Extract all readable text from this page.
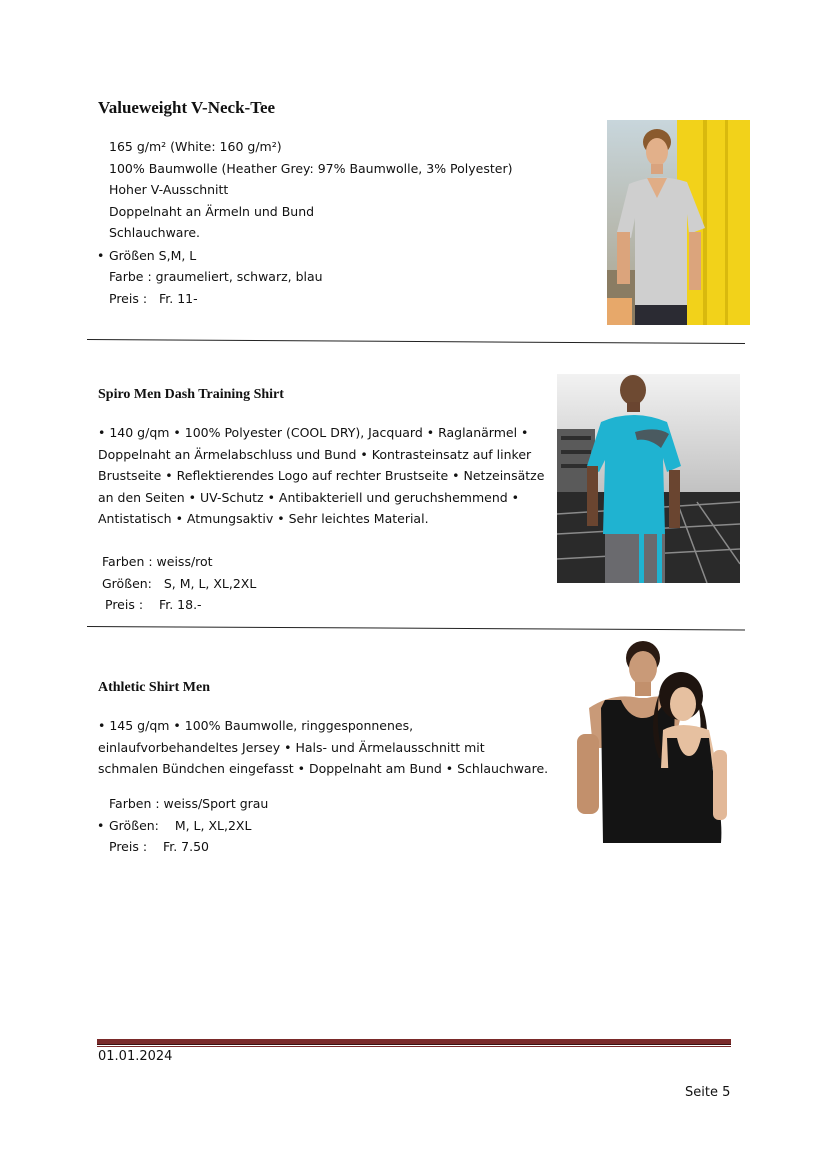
Valueweight V-Neck-Tee
165 g/m² (White: 160 g/m²)
100% Baumwolle (Heather Grey: 97% Baumwolle, 3% Polyester)
Hoher V-Ausschnitt
Doppelnaht an Ärmeln und Bund
Schlauchware.
• Größen S,M, L
Farbe : graumeliert, schwarz, blau
Preis : Fr. 11-
Spiro Men Dash Training Shirt
• 140 g/qm • 100% Polyester (COOL DRY), Jacquard • Raglanärmel •
Doppelnaht an Ärmelabschluss und Bund • Kontrasteinsatz auf linker
Brustseite • Reflektierendes Logo auf rechter Brustseite • Netzeinsätze
an den Seiten • UV-Schutz • Antibakteriell und geruchshemmend •
Antistatisch • Atmungsaktiv • Sehr leichtes Material.
Farben : weiss/rot
Größen: S, M, L, XL,2XL
Preis : Fr. 18.-
Athletic Shirt Men
• 145 g/qm • 100% Baumwolle, ringgesponnenes,
einlaufvorbehandeltes Jersey • Hals- und Ärmelausschnitt mit
schmalen Bündchen eingefasst • Doppelnaht am Bund • Schlauchware.
Farben : weiss/Sport grau
• Größen: M, L, XL,2XL
Preis : Fr. 7.50
01.01.2024
Seite 5
